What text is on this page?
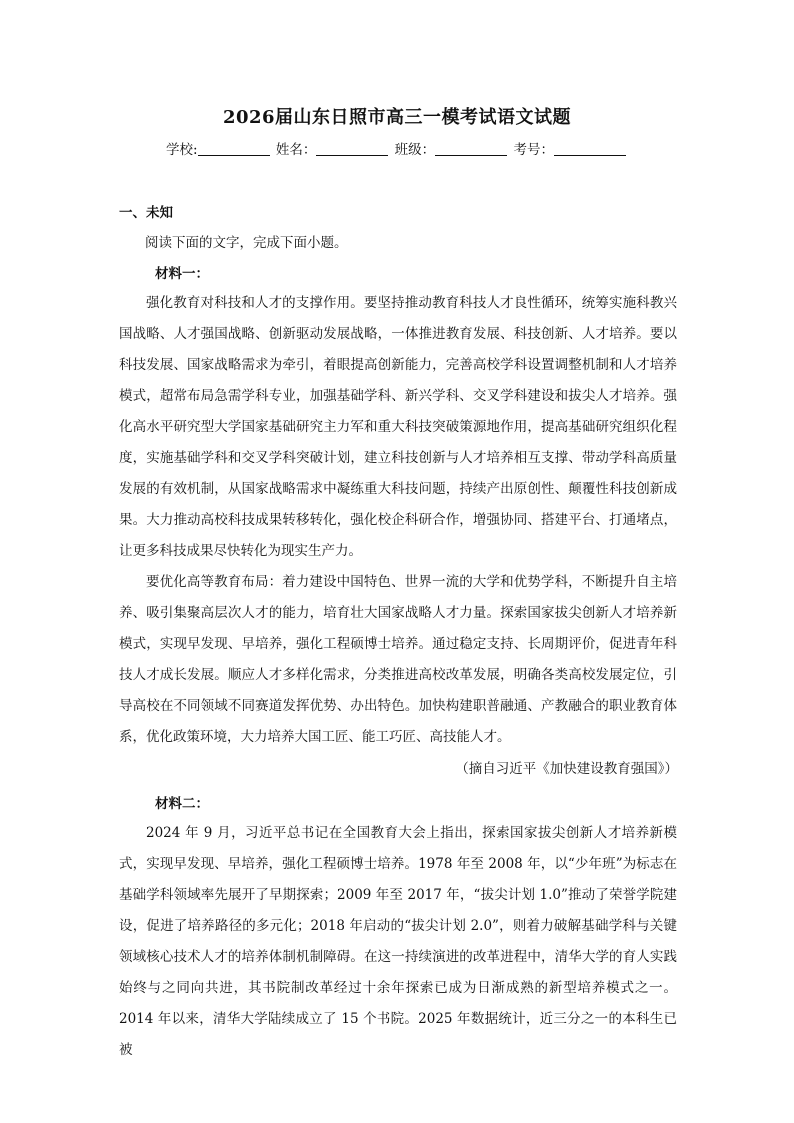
2026届山东日照市高三一模考试语文试题
学校:	姓名：	班级：	考号：
一、未知
阅读下面的文字，完成下面小题。
材料一：
强化教育对科技和人才的支撑作用。要坚持推动教育科技人才良性循环，统筹实施科教兴国战略、人才强国战略、创新驱动发展战略，一体推进教育发展、科技创新、人才培养。要以科技发展、国家战略需求为牵引，着眼提高创新能力，完善高校学科设置调整机制和人才培养模式，超常布局急需学科专业，加强基础学科、新兴学科、交叉学科建设和拔尖人才培养。强化高水平研究型大学国家基础研究主力军和重大科技突破策源地作用，提高基础研究组织化程度，实施基础学科和交叉学科突破计划，建立科技创新与人才培养相互支撑、带动学科高质量发展的有效机制，从国家战略需求中凝练重大科技问题，持续产出原创性、颠覆性科技创新成果。大力推动高校科技成果转移转化，强化校企科研合作，增强协同、搭建平台、打通堵点，让更多科技成果尽快转化为现实生产力。
要优化高等教育布局：着力建设中国特色、世界一流的大学和优势学科，不断提升自主培养、吸引集聚高层次人才的能力，培育壮大国家战略人才力量。探索国家拔尖创新人才培养新模式，实现早发现、早培养，强化工程硕博士培养。通过稳定支持、长周期评价，促进青年科技人才成长发展。顺应人才多样化需求，分类推进高校改革发展，明确各类高校发展定位，引导高校在不同领域不同赛道发挥优势、办出特色。加快构建职普融通、产教融合的职业教育体系，优化政策环境，大力培养大国工匠、能工巧匠、高技能人才。
（摘自习近平《加快建设教育强国》）
材料二：
2024 年 9 月，习近平总书记在全国教育大会上指出，探索国家拔尖创新人才培养新模式，实现早发现、早培养，强化工程硕博士培养。1978 年至 2008 年，以“少年班”为标志在基础学科领域率先展开了早期探索；2009 年至 2017 年，“拔尖计划 1.0”推动了荣誉学院建设，促进了培养路径的多元化；2018 年启动的“拔尖计划 2.0”，则着力破解基础学科与关键领域核心技术人才的培养体制机制障碍。在这一持续演进的改革进程中，清华大学的育人实践始终与之同向共进，其书院制改革经过十余年探索已成为日渐成熟的新型培养模式之一。2014 年以来，清华大学陆续成立了 15 个书院。2025 年数据统计，近三分之一的本科生已被
